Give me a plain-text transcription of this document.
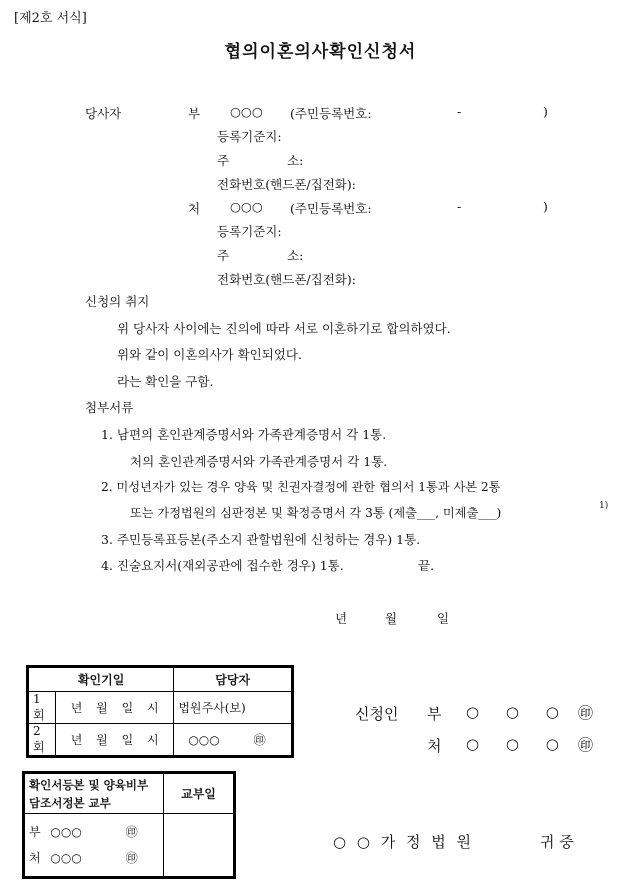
[제2호 서식]
협의이혼의사확인신청서
당사자	부 ○○○ (주민등록번호:	-	)
등록기준지:
주	소:
전화번호(핸드폰/집전화):
처 ○○○ (주민등록번호:	-	)
등록기준지:
주	소:
전화번호(핸드폰/집전화):
신청의 취지
위 당사자 사이에는 진의에 따라 서로 이혼하기로 합의하였다.
위와 같이 이혼의사가 확인되었다.
라는 확인을 구함.
첨부서류
1. 남편의 혼인관계증명서와 가족관계증명서 각 1통.
처의 혼인관계증명서와 가족관계증명서 각 1통.
2. 미성년자가 있는 경우 양육 및 친권자결정에 관한 협의서 1통과 사본 2통
또는 가정법원의 심판정본 및 확정증명서 각 3통 (제출___, 미제출___)	1)
3. 주민등록표등본(주소지 관할법원에 신청하는 경우) 1통.
4. 진술요지서(재외공관에 접수한 경우) 1통.	끝.
년	월	일
확인기일		담당자
1회	년 월 일 시	법원주사(보)
2회	년 월 일 시	○○○ ㊞
신청인 부 ○ ○ ○ ㊞
처 ○ ○ ○ ㊞
확인서등본 및 양육비부담조서정본 교부	교부일

부 ○○○ ㊞
처 ○○○ ㊞	

○ ○ 가 정 법 원	귀 중
